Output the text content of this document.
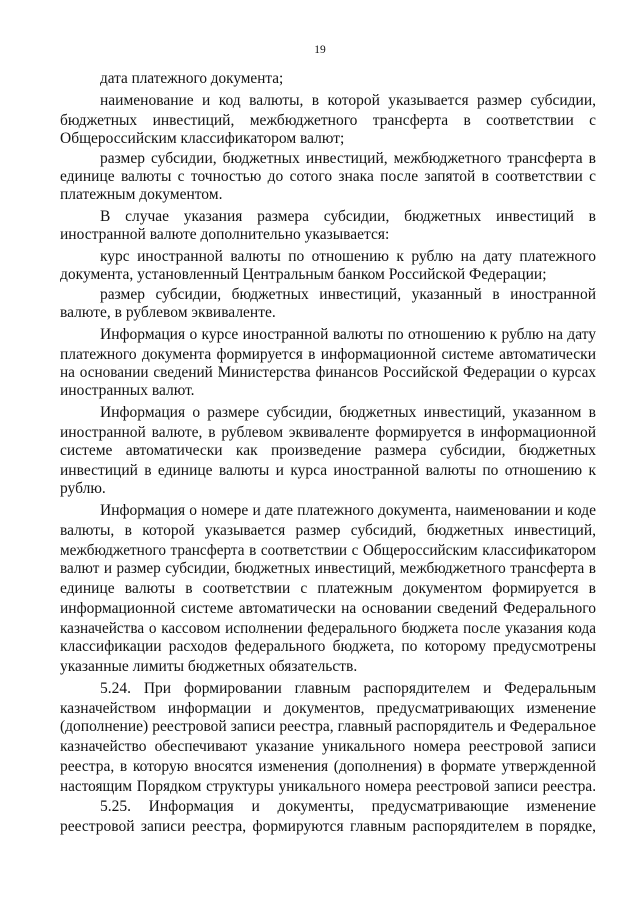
19
дата платежного документа;
наименование и код валюты, в которой указывается размер субсидии,
бюджетных инвестиций, межбюджетного трансферта в соответствии с
Общероссийским классификатором валют;
размер субсидии, бюджетных инвестиций, межбюджетного трансферта в
единице валюты с точностью до сотого знака после запятой в соответствии с
платежным документом.
В случае указания размера субсидии, бюджетных инвестиций в
иностранной валюте дополнительно указывается:
курс иностранной валюты по отношению к рублю на дату платежного
документа, установленный Центральным банком Российской Федерации;
размер субсидии, бюджетных инвестиций, указанный в иностранной
валюте, в рублевом эквиваленте.
Информация о курсе иностранной валюты по отношению к рублю на дату
платежного документа формируется в информационной системе автоматически
на основании сведений Министерства финансов Российской Федерации о курсах
иностранных валют.
Информация о размере субсидии, бюджетных инвестиций, указанном в
иностранной валюте, в рублевом эквиваленте формируется в информационной
системе автоматически как произведение размера субсидии, бюджетных
инвестиций в единице валюты и курса иностранной валюты по отношению к
рублю.
Информация о номере и дате платежного документа, наименовании и коде
валюты, в которой указывается размер субсидий, бюджетных инвестиций,
межбюджетного трансферта в соответствии с Общероссийским классификатором
валют и размер субсидии, бюджетных инвестиций, межбюджетного трансферта в
единице валюты в соответствии с платежным документом формируется в
информационной системе автоматически на основании сведений Федерального
казначейства о кассовом исполнении федерального бюджета после указания кода
классификации расходов федерального бюджета, по которому предусмотрены
указанные лимиты бюджетных обязательств.
5.24. При формировании главным распорядителем и Федеральным
казначейством информации и документов, предусматривающих изменение
(дополнение) реестровой записи реестра, главный распорядитель и Федеральное
казначейство обеспечивают указание уникального номера реестровой записи
реестра, в которую вносятся изменения (дополнения) в формате утвержденной
настоящим Порядком структуры уникального номера реестровой записи реестра.
5.25. Информация и документы, предусматривающие изменение
реестровой записи реестра, формируются главным распорядителем в порядке,
